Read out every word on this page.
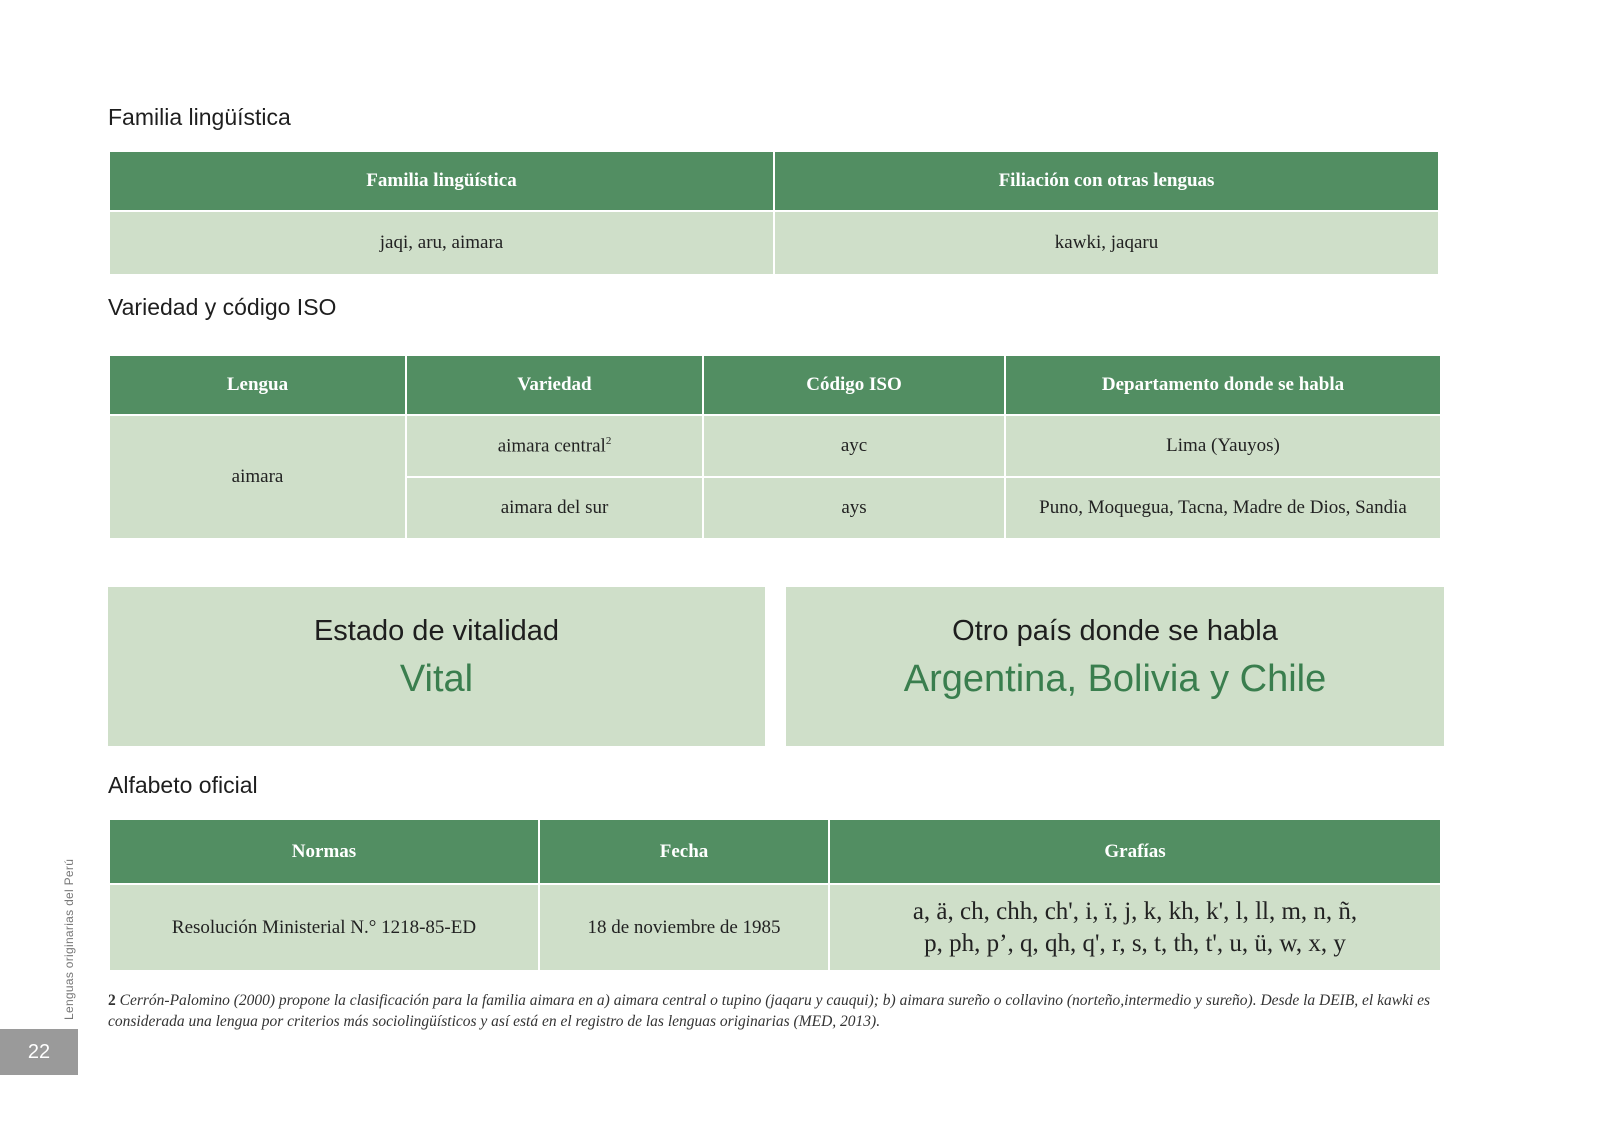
Familia lingüística
Familia lingüística	Filiación con otras lenguas
jaqi, aru, aimara	kawki, jaqaru
Variedad y código ISO
Lengua	Variedad	Código ISO	Departamento donde se habla
aimara	aimara central$^2$	ayc	Lima (Yauyos)
	aimara del sur	ays	Puno, Moquegua, Tacna, Madre de Dios, Sandia
Estado de vitalidad
Vital
Otro país donde se habla
Argentina, Bolivia y Chile
Alfabeto oficial
Normas	Fecha	Grafías
Resolución Ministerial N.° 1218-85-ED	18 de noviembre de 1985	a, ä, ch, chh, ch', i, ï, j, k, kh, k', l, ll, m, n, ñ,
p, ph, p’, q, qh, q', r, s, t, th, t', u, ü, w, x, y
2 Cerrón-Palomino (2000) propone la clasificación para la familia aimara en a) aimara central o tupino (jaqaru y cauqui); b) aimara sureño o collavino (norteño,intermedio y sureño). Desde la DEIB, el kawki es considerada una lengua por criterios más sociolingüísticos y así está en el registro de las lenguas originarias (MED, 2013).
Lenguas originarias del Perú
22
